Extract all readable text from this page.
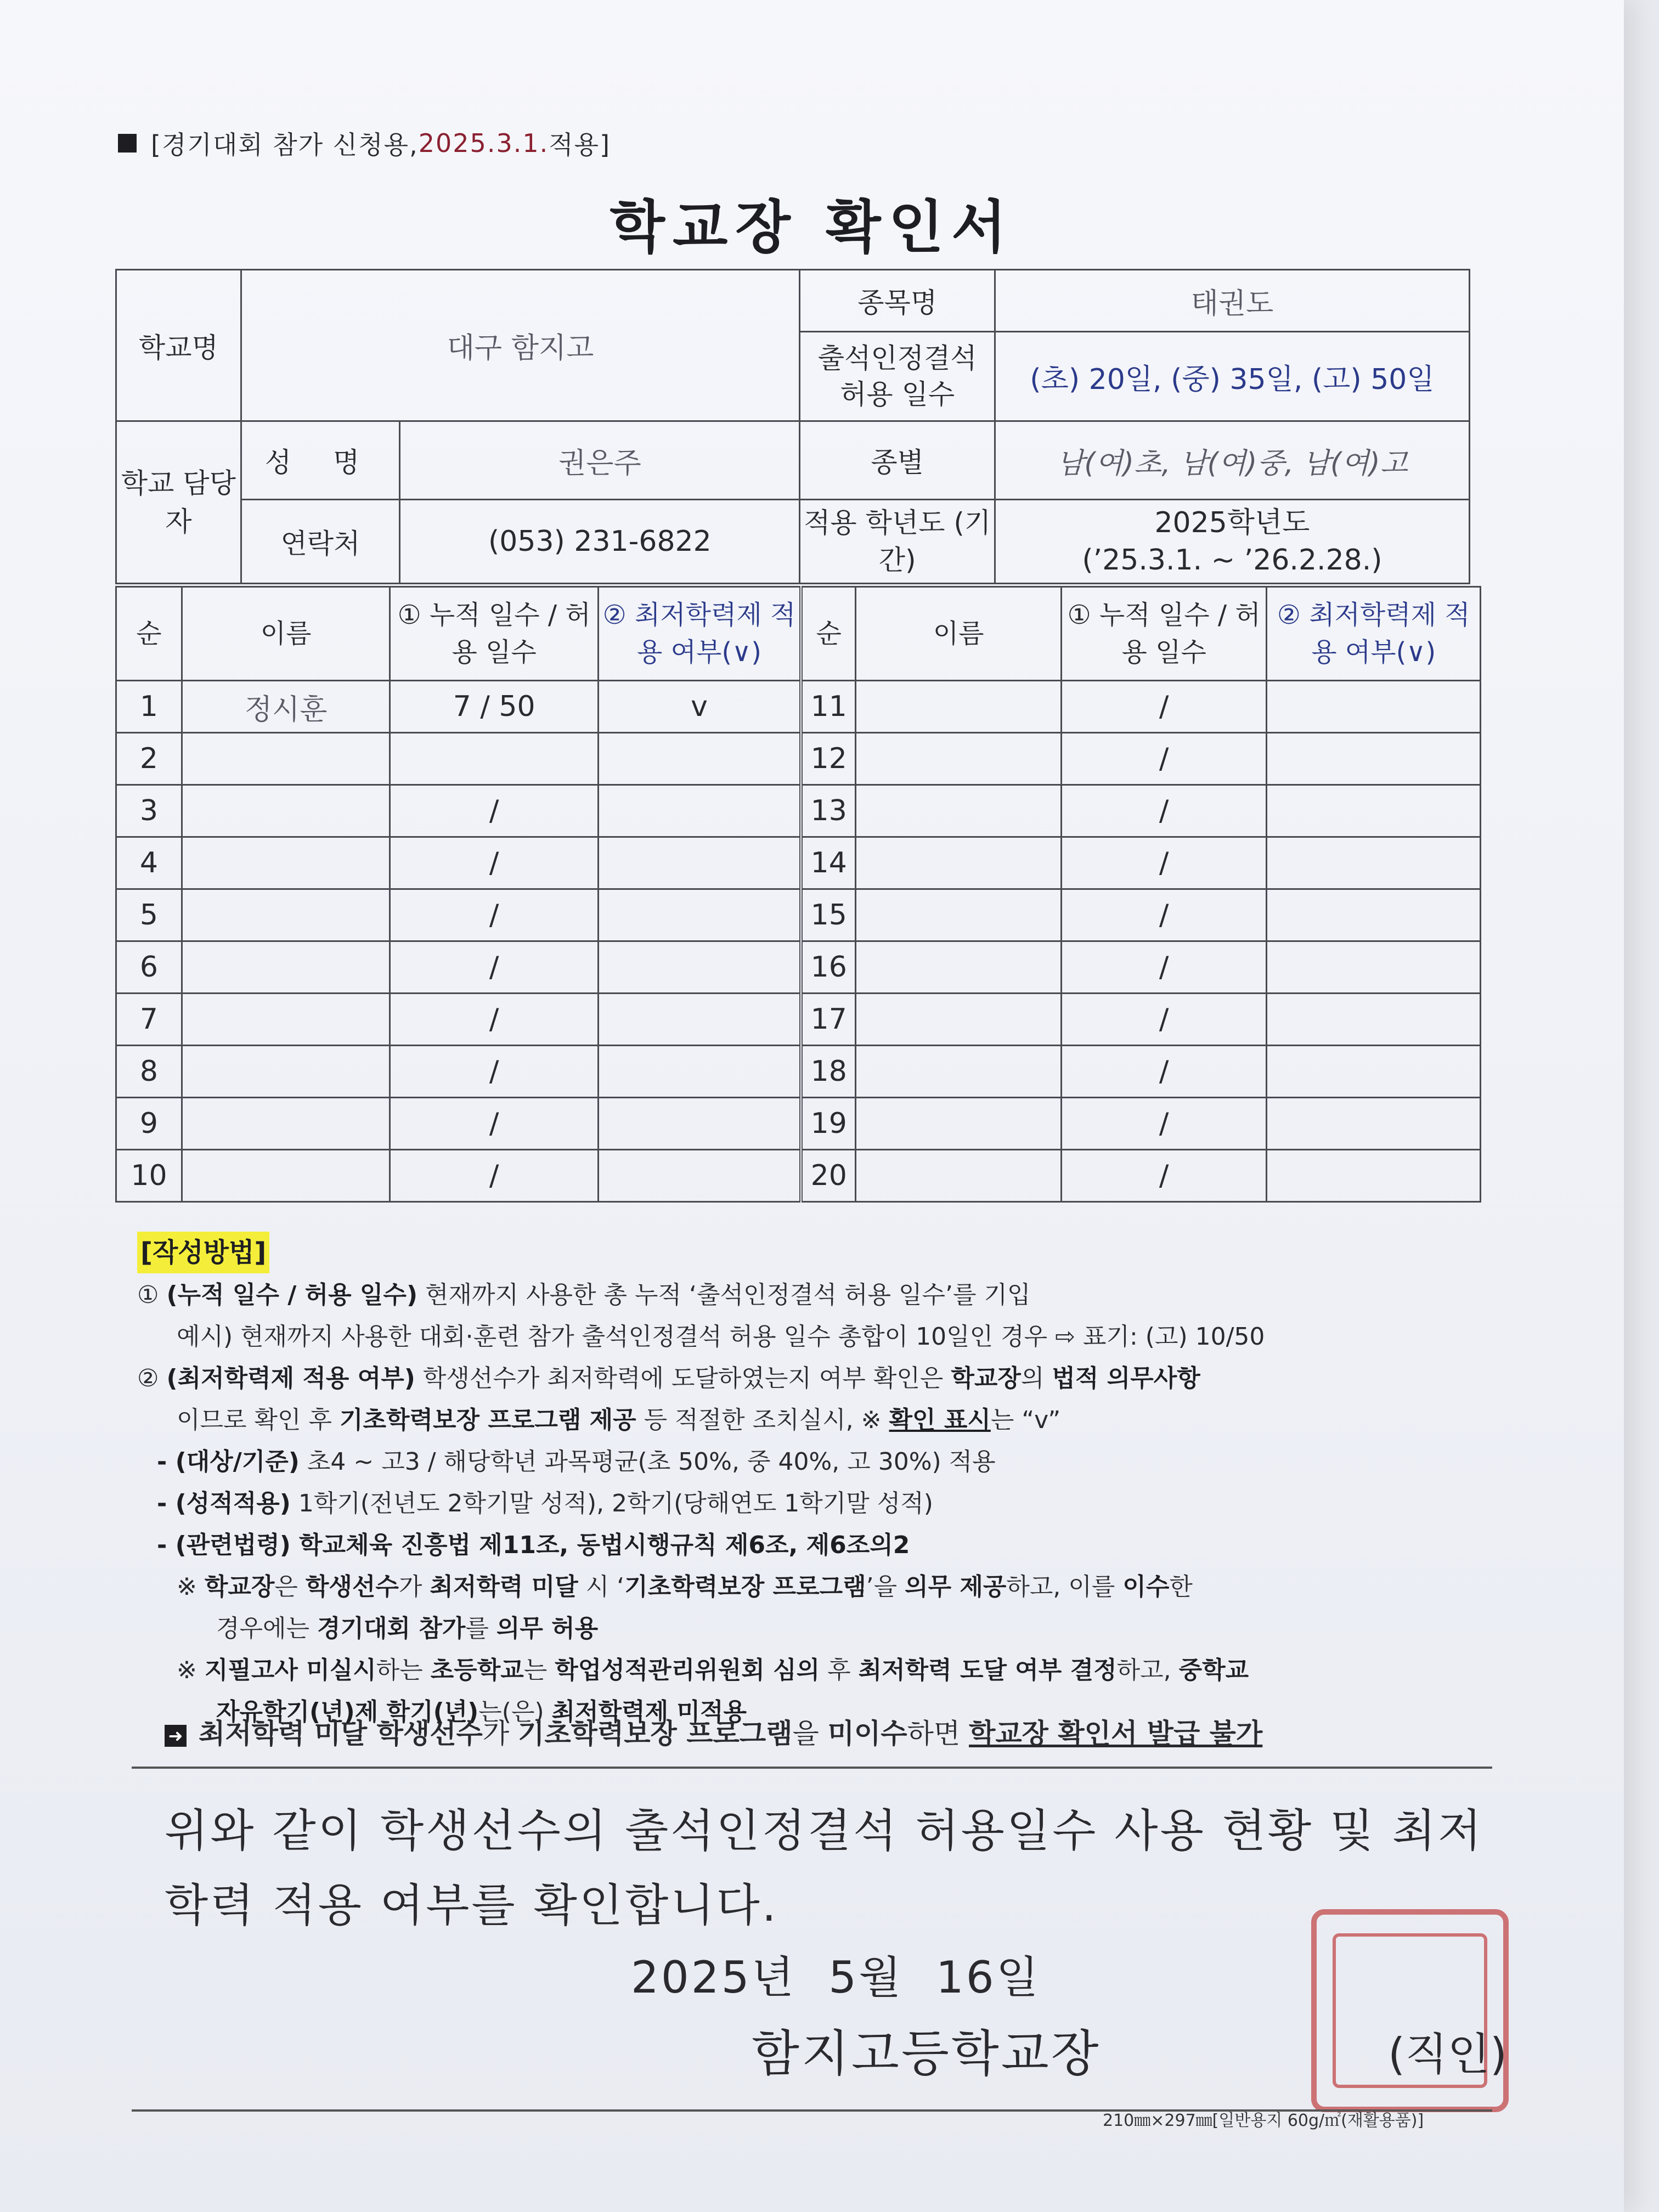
[경기대회 참가 신청용, 2025.3.1. 적용]
학교장 확인서
학교명	대구 함지고		종목명	태권도
			출석인정결석 허용 일수	(초) 20일, (중) 35일, (고) 50일
학교 담당자	성 명	권은주	종별	남(여)초, 남(여)중, 남(여)고
	연락처	(053) 231-6822	적용 학년도 (기간)	2025학년도
(’25.3.1. ~ ’26.2.28.)
순	이름	① 누적 일수 / 허용 일수	② 최저학력제 적용 여부(∨)	순	이름	① 누적 일수 / 허용 일수	② 최저학력제 적용 여부(∨)
1	정시훈	7 / 50	v	11		/	
2				12		/	
3		/		13		/	
4		/		14		/	
5		/		15		/	
6		/		16		/	
7		/		17		/	
8		/		18		/	
9		/		19		/	
10		/		20		/	
[작성방법]
① (누적 일수 / 허용 일수) 현재까지 사용한 총 누적 ‘출석인정결석 허용 일수’를 기입
예시) 현재까지 사용한 대회·훈련 참가 출석인정결석 허용 일수 총합이 10일인 경우 ⇨ 표기: (고) 10/50
② (최저학력제 적용 여부) 학생선수가 최저학력에 도달하였는지 여부 확인은 학교장의 법적 의무사항
이므로 확인 후 기초학력보장 프로그램 제공 등 적절한 조치실시, ※ 확인 표시는 “v”
- (대상/기준) 초4 ~ 고3 / 해당학년 과목평균(초 50%, 중 40%, 고 30%) 적용
- (성적적용) 1학기(전년도 2학기말 성적), 2학기(당해연도 1학기말 성적)
- (관련법령) 학교체육 진흥법 제11조, 동법시행규칙 제6조, 제6조의2
※ 학교장은 학생선수가 최저학력 미달 시 ‘기초학력보장 프로그램’을 의무 제공하고, 이를 이수한
경우에는 경기대회 참가를 의무 허용
※ 지필고사 미실시하는 초등학교는 학업성적관리위원회 심의 후 최저학력 도달 여부 결정하고, 중학교
자유학기(년)제 학기(년)는(은) 최저학력제 미적용
➜ 최저학력 미달 학생선수가 기초학력보장 프로그램을 미이수하면 학교장 확인서 발급 불가
위와 같이 학생선수의 출석인정결석 허용일수 사용 현황 및 최저학력 적용 여부를 확인합니다.
2025년 5월 16일
함지고등학교장	(직인)
210㎜×297㎜[일반용지 60g/㎡(재활용품)]
